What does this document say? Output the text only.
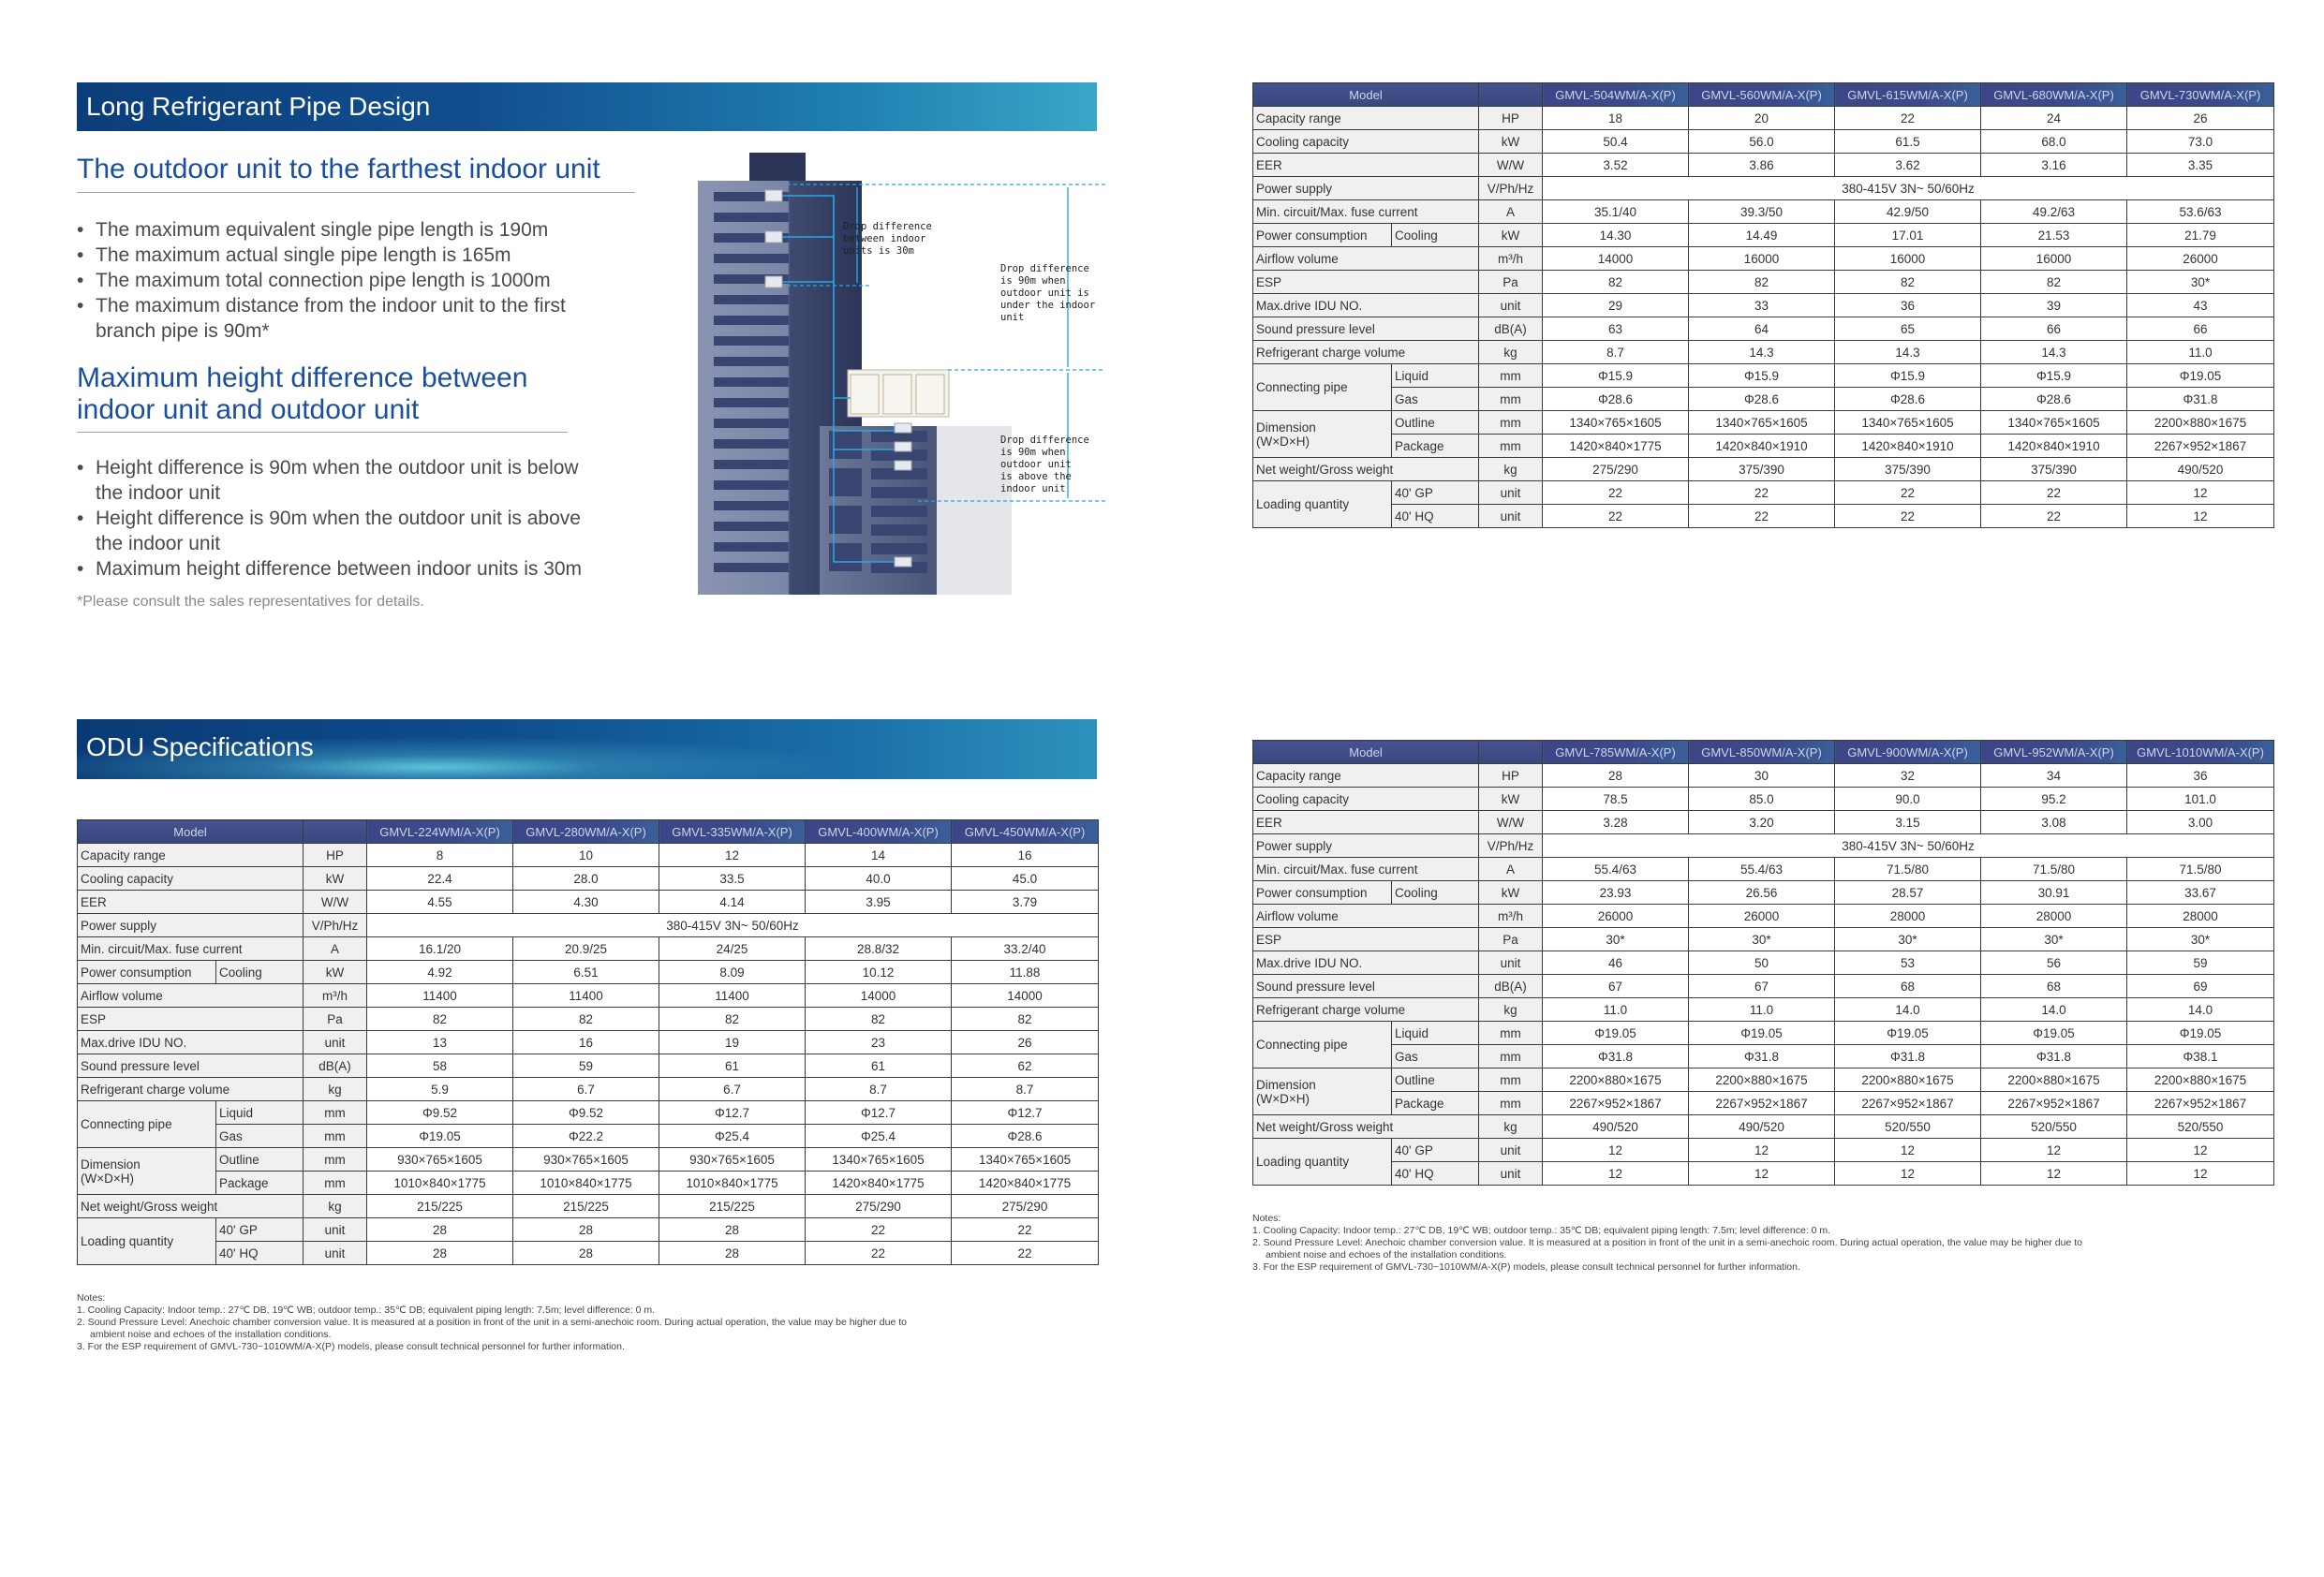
Long Refrigerant Pipe Design
The outdoor unit to the farthest indoor unit
• The maximum equivalent single pipe length is 190m
• The maximum actual single pipe length is 165m
• The maximum total connection pipe length is 1000m
• The maximum distance from the indoor unit to the first branch pipe is 90m*
Maximum height difference between
indoor unit and outdoor unit
• Height difference is 90m when the outdoor unit is below the indoor unit
• Height difference is 90m when the outdoor unit is above the indoor unit
• Maximum height difference between indoor units is 30m
*Please consult the sales representatives for details.
Drop difference between indoor units is 30m
Drop difference is 90m when outdoor unit is under the indoor unit
Drop difference is 90m when outdoor unit is above the indoor unit
ODU Specifications
Model			GMVL-224WM/A-X(P)	GMVL-280WM/A-X(P)	GMVL-335WM/A-X(P)	GMVL-400WM/A-X(P)	GMVL-450WM/A-X(P)
Capacity range		HP	8	10	12	14	16
Cooling capacity		kW	22.4	28.0	33.5	40.0	45.0
EER		W/W	4.55	4.30	4.14	3.95	3.79
Power supply		V/Ph/Hz	380-415V 3N~ 50/60Hz				
Min. circuit/Max. fuse current		A	16.1/20	20.9/25	24/25	28.8/32	33.2/40
Power consumption	Cooling	kW	4.92	6.51	8.09	10.12	11.88
Airflow volume		m³/h	11400	11400	11400	14000	14000
ESP		Pa	82	82	82	82	82
Max.drive IDU NO.		unit	13	16	19	23	26
Sound pressure level		dB(A)	58	59	61	61	62
Refrigerant charge volume		kg	5.9	6.7	6.7	8.7	8.7
Connecting pipe	Liquid	mm	Φ9.52	Φ9.52	Φ12.7	Φ12.7	Φ12.7
	Gas	mm	Φ19.05	Φ22.2	Φ25.4	Φ25.4	Φ28.6

Dimension
(W×D×H)	Outline	mm	930×765×1605	930×765×1605	930×765×1605	1340×765×1605	1340×765×1605
	Package	mm	1010×840×1775	1010×840×1775	1010×840×1775	1420×840×1775	1420×840×1775
Net weight/Gross weight		kg	215/225	215/225	215/225	275/290	275/290
Loading quantity	40' GP	unit	28	28	28	22	22
	40' HQ	unit	28	28	28	22	22
Notes:
1. Cooling Capacity: Indoor temp.: 27℃ DB, 19℃ WB; outdoor temp.: 35℃ DB; equivalent piping length: 7.5m; level difference: 0 m.
2. Sound Pressure Level: Anechoic chamber conversion value. It is measured at a position in front of the unit in a semi-anechoic room. During actual operation, the value may be higher due to
ambient noise and echoes of the installation conditions.
3. For the ESP requirement of GMVL-730~1010WM/A-X(P) models, please consult technical personnel for further information.
Model			GMVL-504WM/A-X(P)	GMVL-560WM/A-X(P)	GMVL-615WM/A-X(P)	GMVL-680WM/A-X(P)	GMVL-730WM/A-X(P)
Capacity range		HP	18	20	22	24	26
Cooling capacity		kW	50.4	56.0	61.5	68.0	73.0
EER		W/W	3.52	3.86	3.62	3.16	3.35
Power supply		V/Ph/Hz	380-415V 3N~ 50/60Hz				
Min. circuit/Max. fuse current		A	35.1/40	39.3/50	42.9/50	49.2/63	53.6/63
Power consumption	Cooling	kW	14.30	14.49	17.01	21.53	21.79
Airflow volume		m³/h	14000	16000	16000	16000	26000
ESP		Pa	82	82	82	82	30*
Max.drive IDU NO.		unit	29	33	36	39	43
Sound pressure level		dB(A)	63	64	65	66	66
Refrigerant charge volume		kg	8.7	14.3	14.3	14.3	11.0
Connecting pipe	Liquid	mm	Φ15.9	Φ15.9	Φ15.9	Φ15.9	Φ19.05
	Gas	mm	Φ28.6	Φ28.6	Φ28.6	Φ28.6	Φ31.8

Dimension
(W×D×H)	Outline	mm	1340×765×1605	1340×765×1605	1340×765×1605	1340×765×1605	2200×880×1675
	Package	mm	1420×840×1775	1420×840×1910	1420×840×1910	1420×840×1910	2267×952×1867
Net weight/Gross weight		kg	275/290	375/390	375/390	375/390	490/520
Loading quantity	40' GP	unit	22	22	22	22	12
	40' HQ	unit	22	22	22	22	12
Model			GMVL-785WM/A-X(P)	GMVL-850WM/A-X(P)	GMVL-900WM/A-X(P)	GMVL-952WM/A-X(P)	GMVL-1010WM/A-X(P)
Capacity range		HP	28	30	32	34	36
Cooling capacity		kW	78.5	85.0	90.0	95.2	101.0
EER		W/W	3.28	3.20	3.15	3.08	3.00
Power supply		V/Ph/Hz	380-415V 3N~ 50/60Hz				
Min. circuit/Max. fuse current		A	55.4/63	55.4/63	71.5/80	71.5/80	71.5/80
Power consumption	Cooling	kW	23.93	26.56	28.57	30.91	33.67
Airflow volume		m³/h	26000	26000	28000	28000	28000
ESP		Pa	30*	30*	30*	30*	30*
Max.drive IDU NO.		unit	46	50	53	56	59
Sound pressure level		dB(A)	67	67	68	68	69
Refrigerant charge volume		kg	11.0	11.0	14.0	14.0	14.0
Connecting pipe	Liquid	mm	Φ19.05	Φ19.05	Φ19.05	Φ19.05	Φ19.05
	Gas	mm	Φ31.8	Φ31.8	Φ31.8	Φ31.8	Φ38.1

Dimension
(W×D×H)	Outline	mm	2200×880×1675	2200×880×1675	2200×880×1675	2200×880×1675	2200×880×1675
	Package	mm	2267×952×1867	2267×952×1867	2267×952×1867	2267×952×1867	2267×952×1867
Net weight/Gross weight		kg	490/520	490/520	520/550	520/550	520/550
Loading quantity	40' GP	unit	12	12	12	12	12
	40' HQ	unit	12	12	12	12	12
Notes:
1. Cooling Capacity: Indoor temp.: 27℃ DB, 19℃ WB; outdoor temp.: 35℃ DB; equivalent piping length: 7.5m; level difference: 0 m.
2. Sound Pressure Level: Anechoic chamber conversion value. It is measured at a position in front of the unit in a semi-anechoic room. During actual operation, the value may be higher due to
ambient noise and echoes of the installation conditions.
3. For the ESP requirement of GMVL-730~1010WM/A-X(P) models, please consult technical personnel for further information.
